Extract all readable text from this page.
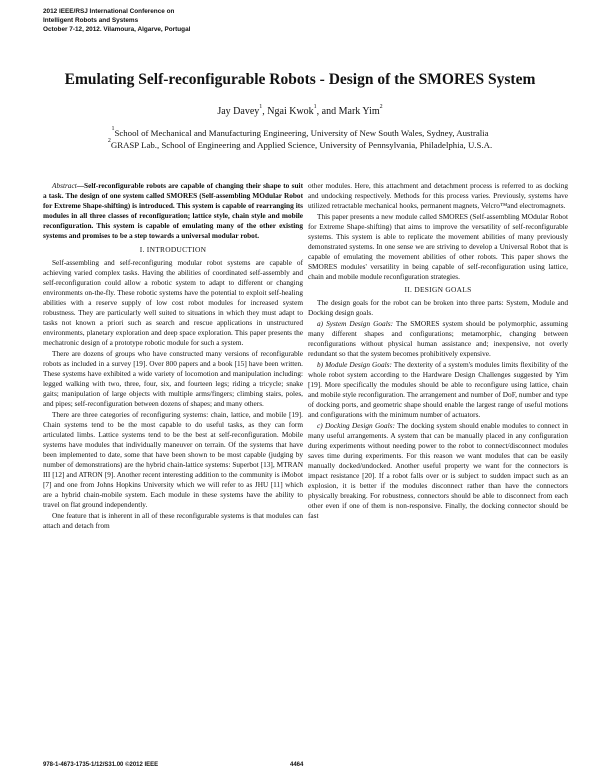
2012 IEEE/RSJ International Conference on
Intelligent Robots and Systems
October 7-12, 2012. Vilamoura, Algarve, Portugal
Emulating Self-reconfigurable Robots - Design of the SMORES System
Jay Davey$^1$, Ngai Kwok$^1$, and Mark Yim$^2$
$^1$School of Mechanical and Manufacturing Engineering, University of New South Wales, Sydney, Australia
$^2$GRASP Lab., School of Engineering and Applied Science, University of Pennsylvania, Philadelphia, U.S.A.

Abstract—Self-reconfigurable robots are capable of changing their shape to suit a task. The design of one system called SMORES (Self-assembling MOdular Robot for Extreme Shape-shifting) is introduced. This system is capable of rearranging its modules in all three classes of reconfiguration; lattice style, chain style and mobile reconfiguration. This system is capable of emulating many of the other existing systems and promises to be a step towards a universal modular robot.

I. INTRODUCTION

Self-assembling and self-reconfiguring modular robot systems are capable of achieving varied complex tasks. Having the abilities of coordinated self-assembly and self-reconfiguration could allow a robotic system to adapt to different or changing environments on-the-fly. These robotic systems have the potential to exploit self-healing abilities with a reserve supply of low cost robot modules for increased system robustness. They are particularly well suited to situations in which they must adapt to tasks not known a priori such as search and rescue applications in unstructured environments, planetary exploration and deep space exploration. This paper presents the mechatronic design of a prototype robotic module for such a system.

There are dozens of groups who have constructed many versions of reconfigurable robots as included in a survey [19]. Over 800 papers and a book [15] have been written. These systems have exhibited a wide variety of locomotion and manipulation including: legged walking with two, three, four, six, and fourteen legs; riding a tricycle; snake gaits; manipulation of large objects with multiple arms/fingers; climbing stairs, poles, and pipes; self-reconfiguration between dozens of shapes; and many others.

There are three categories of reconfiguring systems: chain, lattice, and mobile [19]. Chain systems tend to be the most capable to do useful tasks, as they can form articulated limbs. Lattice systems tend to be the best at self-reconfiguration. Mobile systems have modules that individually maneuver on terrain. Of the systems that have been implemented to date, some that have been shown to be most capable (judging by number of demonstrations) are the hybrid chain-lattice systems: Superbot [13], MTRAN III [12] and ATRON [9]. Another recent interesting addition to the community is iMobot [7] and one from Johns Hopkins University which we will refer to as JHU [11] which are a hybrid chain-mobile system. Each module in these systems have the ability to travel on flat ground independently.

One feature that is inherent in all of these reconfigurable systems is that modules can attach and detach from

other modules. Here, this attachment and detachment process is referred to as docking and undocking respectively. Methods for this process varies. Previously, systems have utilized retractable mechanical hooks, permanent magnets, Velcro™and electromagnets.

This paper presents a new module called SMORES (Self-assembling MOdular Robot for Extreme Shape-shifting) that aims to improve the versatility of self-reconfigurable systems. This system is able to replicate the movement abilities of many previously demonstrated systems. In one sense we are striving to develop a Universal Robot that is capable of emulating the movement abilities of other robots. This paper shows the SMORES modules' versatility in being capable of self-reconfiguration using lattice, chain and mobile module reconfiguration strategies.

II. DESIGN GOALS

The design goals for the robot can be broken into three parts: System, Module and Docking design goals.

a) System Design Goals: The SMORES system should be polymorphic, assuming many different shapes and configurations; metamorphic, changing between reconfigurations without physical human assistance and; inexpensive, not overly redundant so that the system becomes prohibitively expensive.

b) Module Design Goals: The dexterity of a system's modules limits flexibility of the whole robot system according to the Hardware Design Challenges suggested by Yim [19]. More specifically the modules should be able to reconfigure using lattice, chain and mobile style reconfiguration. The arrangement and number of DoF, number and type of docking ports, and geometric shape should enable the largest range of useful motions and configurations with the minimum number of actuators.

c) Docking Design Goals: The docking system should enable modules to connect in many useful arrangements. A system that can be manually placed in any configuration during experiments without needing power to the robot to connect/disconnect modules saves time during experiments. For this reason we want modules that can be easily manually docked/undocked. Another useful property we want for the connectors is impact resistance [20]. If a robot falls over or is subject to sudden impact such as an explosion, it is better if the modules disconnect rather than have the connectors physically breaking. For robustness, connectors should be able to disconnect from each other even if one of them is non-responsive. Finally, the docking connector should be fast

978-1-4673-1735-1/12/S31.00 ©2012 IEEE	4464
